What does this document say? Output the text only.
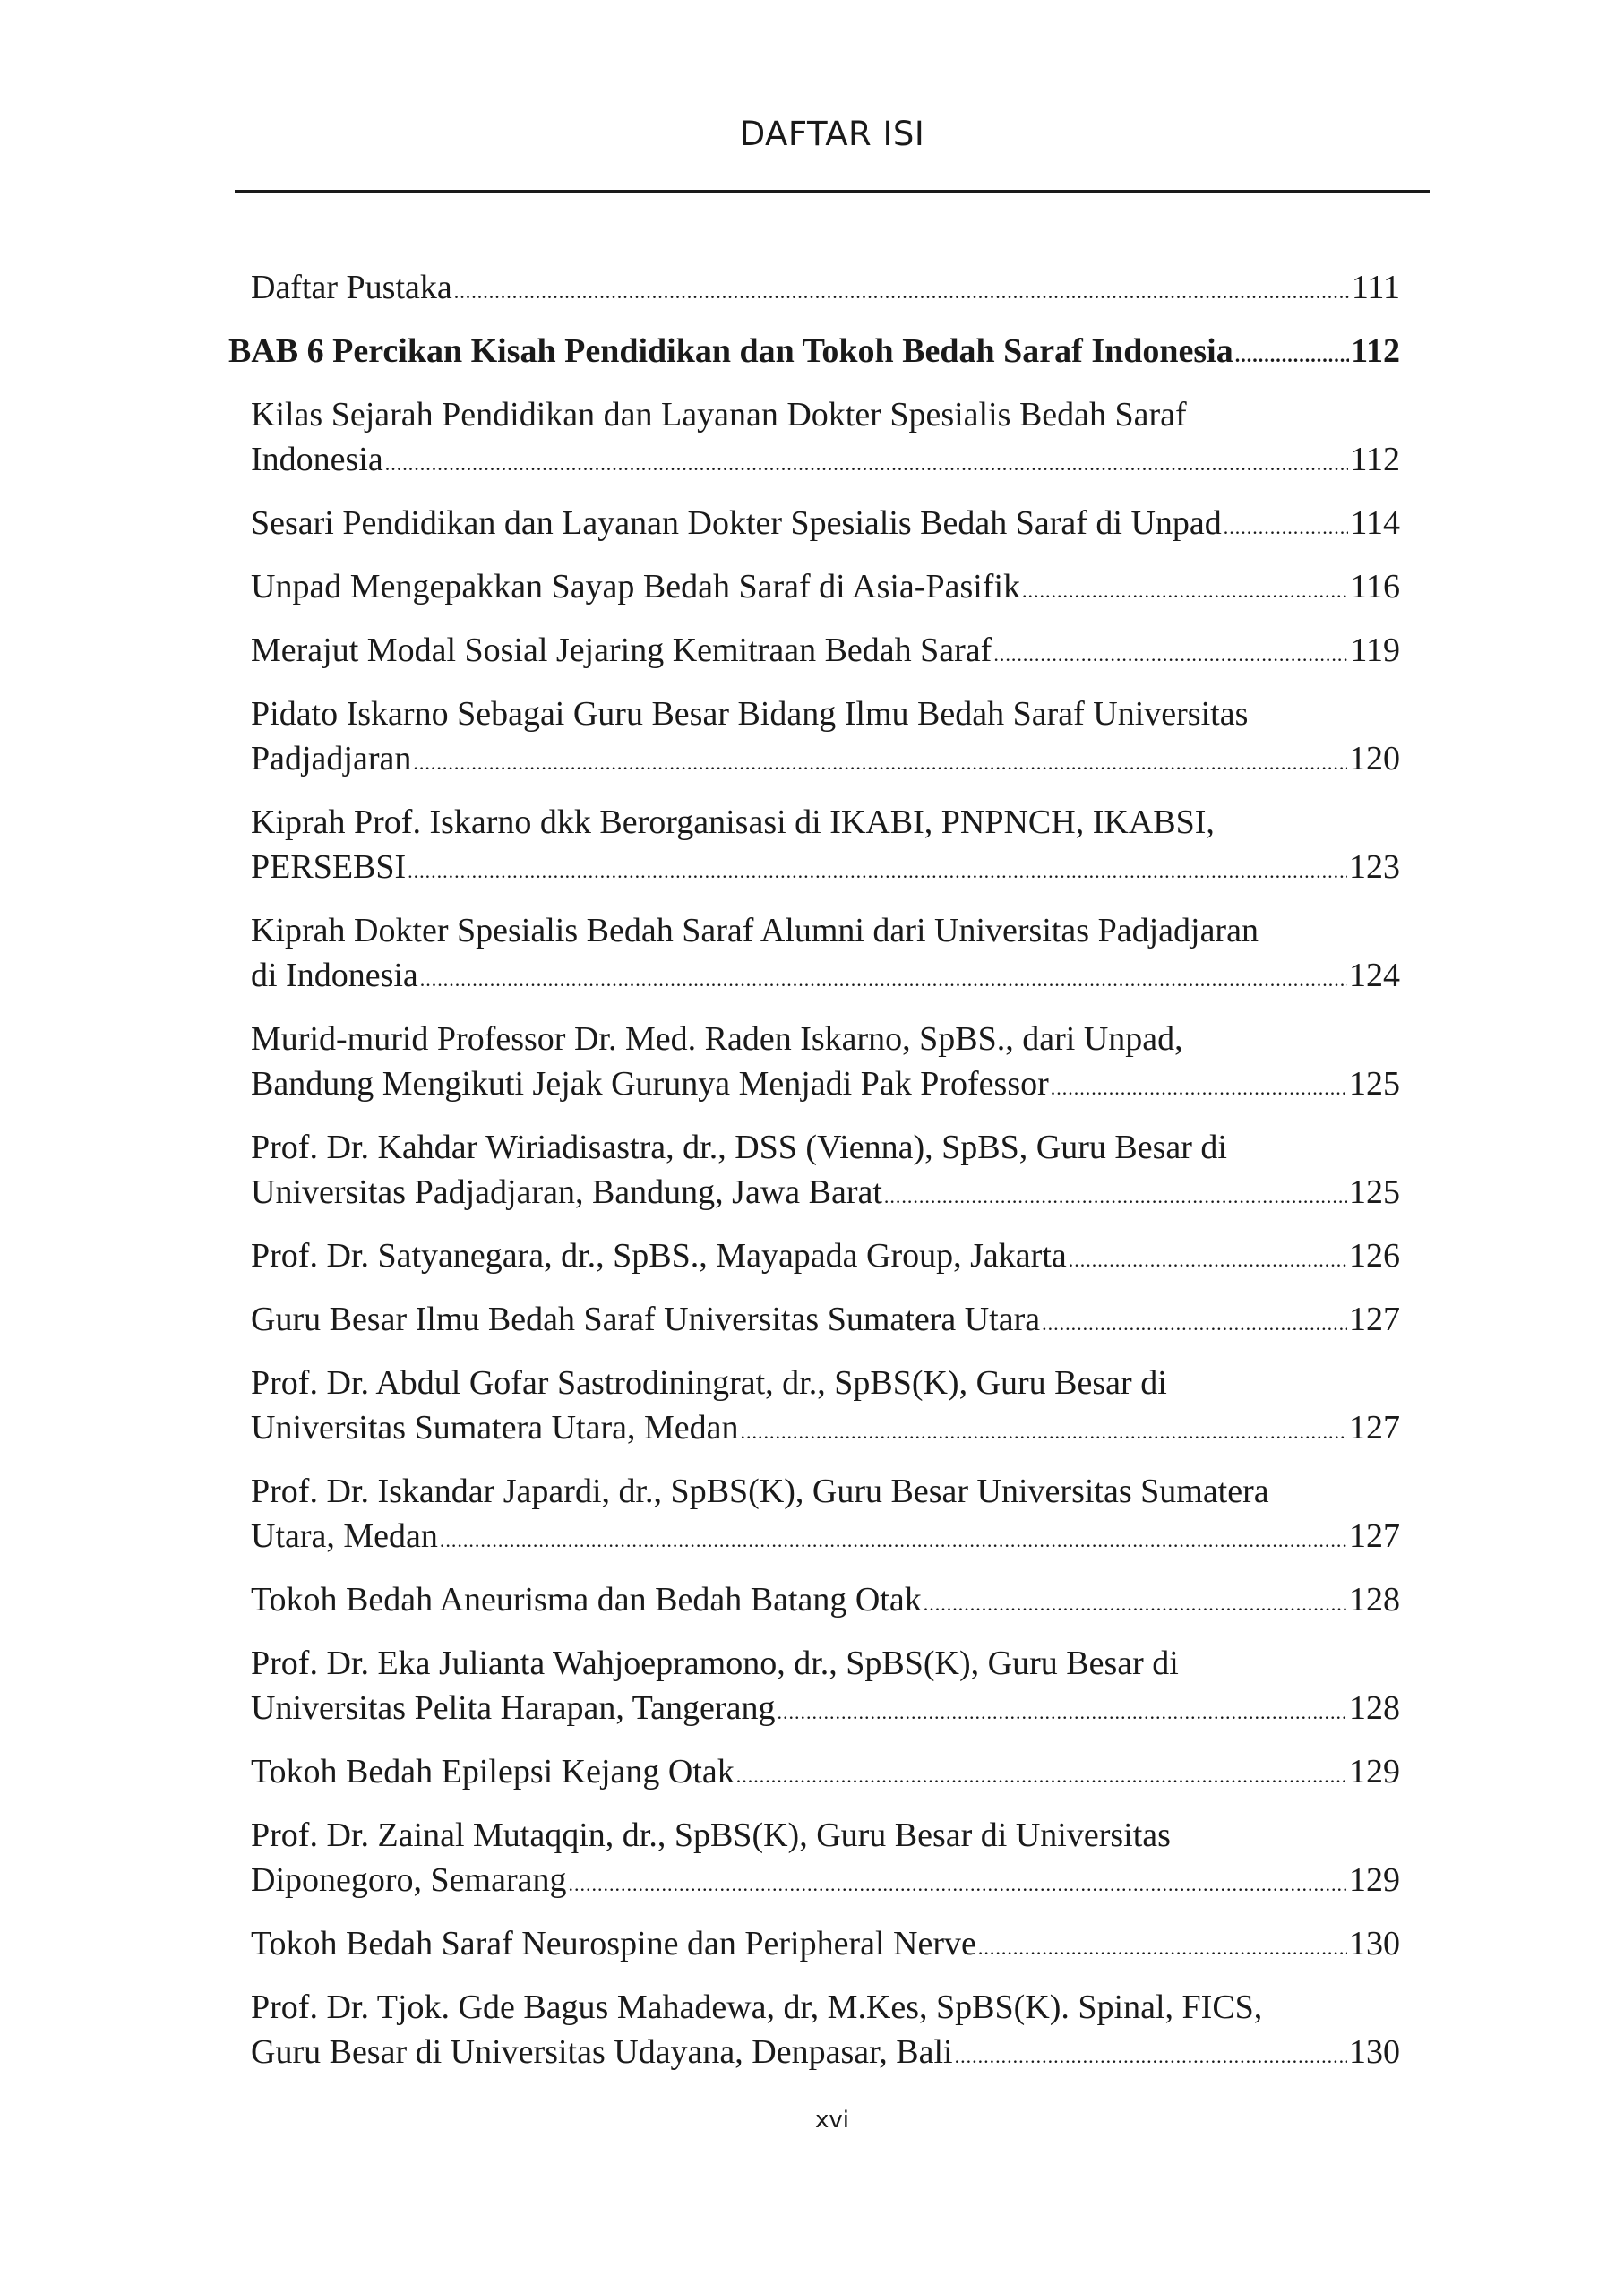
DAFTAR ISI
Daftar Pustaka .....	111
BAB 6 Percikan Kisah Pendidikan dan Tokoh Bedah Saraf Indonesia .....	112
Kilas Sejarah Pendidikan dan Layanan Dokter Spesialis Bedah Saraf
Indonesia .....	112
Sesari Pendidikan dan Layanan Dokter Spesialis Bedah Saraf di Unpad .....	114
Unpad Mengepakkan Sayap Bedah Saraf di Asia-Pasifik .....	116
Merajut Modal Sosial Jejaring Kemitraan Bedah Saraf .....	119
Pidato Iskarno Sebagai Guru Besar Bidang Ilmu Bedah Saraf Universitas
Padjadjaran .....	120
Kiprah Prof. Iskarno dkk Berorganisasi di IKABI, PNPNCH, IKABSI,
PERSEBSI .....	123
Kiprah Dokter Spesialis Bedah Saraf Alumni dari Universitas Padjadjaran
di Indonesia .....	124
Murid-murid Professor Dr. Med. Raden Iskarno, SpBS., dari Unpad,
Bandung Mengikuti Jejak Gurunya Menjadi Pak Professor .....	125
Prof. Dr. Kahdar Wiriadisastra, dr., DSS (Vienna), SpBS, Guru Besar di
Universitas Padjadjaran, Bandung, Jawa Barat .....	125
Prof. Dr. Satyanegara, dr., SpBS., Mayapada Group, Jakarta .....	126
Guru Besar Ilmu Bedah Saraf Universitas Sumatera Utara .....	127
Prof. Dr. Abdul Gofar Sastrodiningrat, dr., SpBS(K), Guru Besar di
Universitas Sumatera Utara, Medan .....	127
Prof. Dr. Iskandar Japardi, dr., SpBS(K), Guru Besar Universitas Sumatera
Utara, Medan .....	127
Tokoh Bedah Aneurisma dan Bedah Batang Otak .....	128
Prof. Dr. Eka Julianta Wahjoepramono, dr., SpBS(K), Guru Besar di
Universitas Pelita Harapan, Tangerang .....	128
Tokoh Bedah Epilepsi Kejang Otak .....	129
Prof. Dr. Zainal Mutaqqin, dr., SpBS(K), Guru Besar di Universitas
Diponegoro, Semarang .....	129
Tokoh Bedah Saraf Neurospine dan Peripheral Nerve .....	130
Prof. Dr. Tjok. Gde Bagus Mahadewa, dr, M.Kes, SpBS(K). Spinal, FICS,
Guru Besar di Universitas Udayana, Denpasar, Bali .....	130
xvi
